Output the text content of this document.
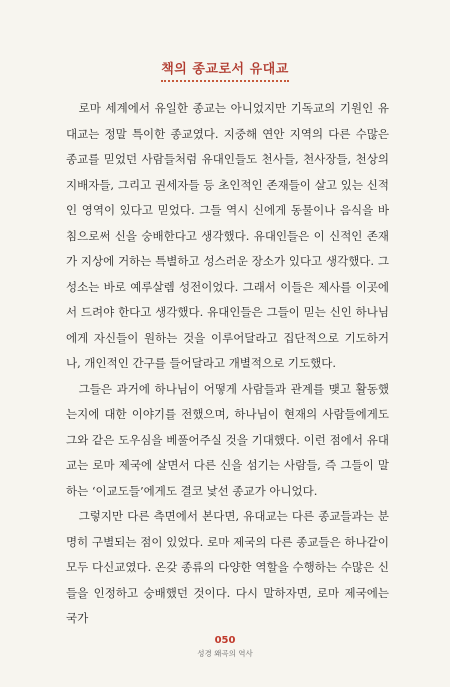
책의 종교로서 유대교

로마 세계에서 유일한 종교는 아니었지만 기독교의 기원인 유대교는 정말 특이한 종교였다. 지중해 연안 지역의 다른 수많은 종교를 믿었던 사람들처럼 유대인들도 천사들, 천사장들, 천상의 지배자들, 그리고 권세자들 등 초인적인 존재들이 살고 있는 신적인 영역이 있다고 믿었다. 그들 역시 신에게 동물이나 음식을 바침으로써 신을 숭배한다고 생각했다. 유대인들은 이 신적인 존재가 지상에 거하는 특별하고 성스러운 장소가 있다고 생각했다. 그 성소는 바로 예루살렘 성전이었다. 그래서 이들은 제사를 이곳에서 드려야 한다고 생각했다. 유대인들은 그들이 믿는 신인 하나님에게 자신들이 원하는 것을 이루어달라고 집단적으로 기도하거나, 개인적인 간구를 들어달라고 개별적으로 기도했다.

그들은 과거에 하나님이 어떻게 사람들과 관계를 맺고 활동했는지에 대한 이야기를 전했으며, 하나님이 현재의 사람들에게도 그와 같은 도우심을 베풀어주실 것을 기대했다. 이런 점에서 유대교는 로마 제국에 살면서 다른 신을 섬기는 사람들, 즉 그들이 말하는 ‘이교도들’에게도 결코 낯선 종교가 아니었다.

그렇지만 다른 측면에서 본다면, 유대교는 다른 종교들과는 분명히 구별되는 점이 있었다. 로마 제국의 다른 종교들은 하나같이 모두 다신교였다. 온갖 종류의 다양한 역할을 수행하는 수많은 신들을 인정하고 숭배했던 것이다. 다시 말하자면, 로마 제국에는 국가

050
성경 왜곡의 역사
